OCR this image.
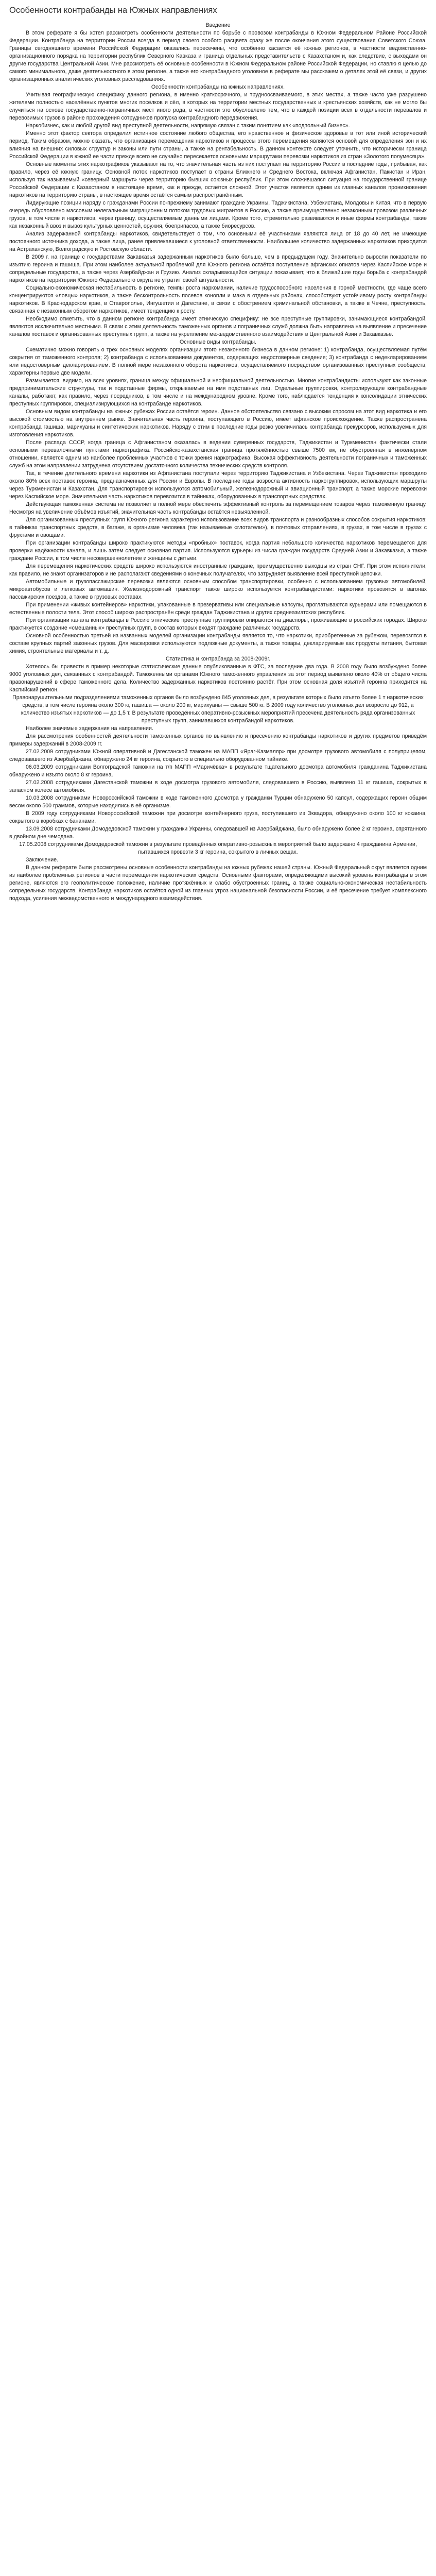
Особенности контрабанды на Южных направлениях
Введение

В этом реферате я бы хотел рассмотреть особенности деятельности по борьбе с провозом контрабанды в Южном Федеральном Районе Российской Федерации. Контрабанда на территории России всегда в период своего особого расцвета сразу же после окончания этого существования Советского Союза. Границы сегодняшнего времени Российской Федерации оказались пересечены, что особенно касается её южных регионов, в частности ведомственно-организационного порядка на территории республик Северного Кавказа и граница отдельных представительств с Казахстаном и, как следствие, с выходами он другие государства Центральной Азии. Мне рассмотреть её основные особенности в Южном Федеральном районе Российской Федерации, но ставлю я целью до самого минимального, даже деятельностного в этом регионе, а также его контрабандного уголовное в реферате мы расскажем о деталях этой её связи, и других организационных аналитических уголовных расследованиях.

Особенности контрабанды на южных направлениях.

Учитывая географическую специфику данного региона, в именно краткосрочного, и трудноосваиваемого, в этих местах, а также часто уже разрушено жителями полностью населённых пунктов многих посёлков и сёл, в которых на территории местных государственных и крестьянских хозяйств, как не могло бы случиться на основе государственно-пограничных мест иного рода, в частности это обусловлено тем, что в каждой позиции всех в отдельности перевалов и перевозимых грузов в районе прохождения сотрудников пропуска контрабандного передвижения.

Наркобизнес, как и любой другой вид преступной деятельности, напрямую связан с таким понятием как «подпольный бизнес».

Именно этот фактор сектора определил истинное состояние любого общества, его нравственное и физическое здоровье в тот или иной исторический период. Таким образом, можно сказать, что организация перемещения наркотиков и процессы этого перемещения являются основой для определения зон и их влияния на внешних силовых структур и законы или пути страны, а также на рентабельность. В данном контексте следует уточнить, что исторически граница Российской Федерации в южной ее части прежде всего не случайно пересекается основными маршрутами перевозки наркотиков из стран «Золотого полумесяца».

Основные моменты этих наркотрафиков указывают на то, что значительная часть из них поступает на территорию России в последние годы, прибывая, как правило, через её южную границу. Основной поток наркотиков поступает в страны Ближнего и Среднего Востока, включая Афганистан, Пакистан и Иран, используя так называемый «северный маршрут» через территорию бывших союзных республик. При этом сложившаяся ситуация на государственной границе Российской Федерации с Казахстаном в настоящее время, как и прежде, остаётся сложной. Этот участок является одним из главных каналов проникновения наркотиков на территорию страны, в настоящее время остаётся самым распространённым.

Лидирующие позиции наряду с гражданами России по-прежнему занимают граждане Украины, Таджикистана, Узбекистана, Молдовы и Китая, что в первую очередь обусловлено массовым нелегальным миграционным потоком трудовых мигрантов в Россию, а также преимущественно незаконным провозом различных грузов, в том числе и наркотиков, через границу, осуществляемым данными лицами. Кроме того, стремительно развиваются и иные формы контрабанды, такие как незаконный ввоз и вывоз культурных ценностей, оружия, боеприпасов, а также биоресурсов.

Анализ задержанной контрабанды наркотиков, свидетельствует о том, что основными её участниками являются лица от 18 до 40 лет, не имеющие постоянного источника дохода, а также лица, ранее привлекавшиеся к уголовной ответственности. Наибольшее количество задержанных наркотиков приходится на Астраханскую, Волгоградскую и Ростовскую области.

В 2009 г. на границе с государствами Закавказья задержанным наркотиков было больше, чем в предыдущем году. Значительно выросли показатели по изъятию героина и гашиша. При этом наиболее актуальной проблемой для Южного региона остаётся поступление афганских опиатов через Каспийское море и сопредельные государства, а также через Азербайджан и Грузию. Анализ складывающейся ситуации показывает, что в ближайшие годы борьба с контрабандой наркотиков на территории Южного Федерального округа не утратит своей актуальности.

Социально-экономическая нестабильность в регионе, темпы роста наркомании, наличие трудоспособного населения в горной местности, где чаще всего концентрируются «ловцы» наркотиков, а также бесконтрольность посевов конопли и мака в отдельных районах, способствуют устойчивому росту контрабанды наркотиков. В Краснодарском крае, в Ставрополье, Ингушетии и Дагестане, в связи с обострением криминальной обстановки, а также в Чечне, преступность, связанная с незаконным оборотом наркотиков, имеет тенденцию к росту.

Необходимо отметить, что в данном регионе контрабанда имеет этническую специфику: не все преступные группировки, занимающиеся контрабандой, являются исключительно местными. В связи с этим деятельность таможенных органов и пограничных служб должна быть направлена на выявление и пресечение каналов поставок и организованных преступных групп, а также на укрепление межведомственного взаимодействия в Центральной Азии и Закавказье.

Основные виды контрабанды.

Схематично можно говорить о трех основных моделях организации этого незаконного бизнеса в данном регионе: 1) контрабанда, осуществляемая путём сокрытия от таможенного контроля; 2) контрабанда с использованием документов, содержащих недостоверные сведения; 3) контрабанда с недекларированием или недостоверным декларированием. В полной мере незаконного оборота наркотиков, осуществляемого посредством организованных преступных сообществ, характерны первые две модели.

Размывается, видимо, на всех уровнях, граница между официальной и неофициальной деятельностью. Многие контрабандисты используют как законные предпринимательские структуры, так и подставные фирмы, открываемые на имя подставных лиц. Отдельные группировки, контролирующие контрабандные каналы, работают, как правило, через посредников, в том числе и на международном уровне. Кроме того, наблюдается тенденция к консолидации этнических преступных группировок, специализирующихся на контрабанде наркотиков.

Основным видом контрабанды на южных рубежах России остаётся героин. Данное обстоятельство связано с высоким спросом на этот вид наркотика и его высокой стоимостью на внутреннем рынке. Значительная часть героина, поступающего в Россию, имеет афганское происхождение. Также распространена контрабанда гашиша, марихуаны и синтетических наркотиков. Наряду с этим в последние годы резко увеличилась контрабанда прекурсоров, используемых для изготовления наркотиков.

После распада СССР, когда граница с Афганистаном оказалась в ведении суверенных государств, Таджикистан и Туркменистан фактически стали основными перевалочными пунктами наркотрафика. Российско-казахстанская граница протяжённостью свыше 7500 км, не обустроенная в инженерном отношении, является одним из наиболее проблемных участков с точки зрения наркотрафика. Высокая эффективность деятельности пограничных и таможенных служб на этом направлении затруднена отсутствием достаточного количества технических средств контроля.

Так, в течение длительного времени наркотики из Афганистана поступали через территорию Таджикистана и Узбекистана. Через Таджикистан проходило около 80% всех поставок героина, предназначенных для России и Европы. В последние годы возросла активность наркогруппировок, использующих маршруты через Туркменистан и Казахстан. Для транспортировки используются автомобильный, железнодорожный и авиационный транспорт, а также морские перевозки через Каспийское море. Значительная часть наркотиков перевозится в тайниках, оборудованных в транспортных средствах.

Действующая таможенная система не позволяет в полной мере обеспечить эффективный контроль за перемещением товаров через таможенную границу. Несмотря на увеличение объёмов изъятий, значительная часть контрабанды остаётся невыявленной.

Для организованных преступных групп Южного региона характерно использование всех видов транспорта и разнообразных способов сокрытия наркотиков: в тайниках транспортных средств, в багаже, в организме человека (так называемые «глотатели»), в почтовых отправлениях, в грузах, в том числе в грузах с фруктами и овощами.

При организации контрабанды широко практикуются методы «пробных» поставок, когда партия небольшого количества наркотиков перемещается для проверки надёжности канала, и лишь затем следует основная партия. Используются курьеры из числа граждан государств Средней Азии и Закавказья, а также граждане России, в том числе несовершеннолетние и женщины с детьми.

Для перемещения наркотических средств широко используются иностранные граждане, преимущественно выходцы из стран СНГ. При этом исполнители, как правило, не знают организаторов и не располагают сведениями о конечных получателях, что затрудняет выявление всей преступной цепочки.

Автомобильные и грузопассажирские перевозки являются основным способом транспортировки, особенно с использованием грузовых автомобилей, микроавтобусов и легковых автомашин. Железнодорожный транспорт также широко используется контрабандистами: наркотики провозятся в вагонах пассажирских поездов, а также в грузовых составах.

При применении «живых контейнеров» наркотики, упакованные в презервативы или специальные капсулы, проглатываются курьерами или помещаются в естественные полости тела. Этот способ широко распространён среди граждан Таджикистана и других среднеазиатских республик.

При организации канала контрабанды в Россию этнические преступные группировки опираются на диаспоры, проживающие в российских городах. Широко практикуется создание «смешанных» преступных групп, в состав которых входят граждане различных государств.

Основной особенностью третьей из названных моделей организации контрабанды является то, что наркотики, приобретённые за рубежом, перевозятся в составе крупных партий законных грузов. Для маскировки используются подложные документы, а также товары, декларируемые как продукты питания, бытовая химия, строительные материалы и т. д.

Статистика и контрабанда за 2008-2009г.

Хотелось бы привести в пример некоторые статистические данные опубликованные в ФТС, за последние два года. В 2008 году было возбуждено более 9000 уголовных дел, связанных с контрабандой. Таможенными органами Южного таможенного управления за этот период выявлено около 40% от общего числа правонарушений в сфере таможенного дела. Количество задержанных наркотиков постоянно растёт. При этом основная доля изъятий героина приходится на Каспийский регион.

Правонарушительными подразделениями таможенных органов было возбуждено 845 уголовных дел, в результате которых было изъято более 1 т наркотических средств, в том числе героина около 300 кг, гашиша — около 200 кг, марихуаны — свыше 500 кг. В 2009 году количество уголовных дел возросло до 912, а количество изъятых наркотиков — до 1,5 т. В результате проведённых оперативно-розыскных мероприятий пресечена деятельность ряда организованных преступных групп, занимавшихся контрабандой наркотиков.

Наиболее значимые задержания на направлении.

Для рассмотрения особенностей деятельности таможенных органов по выявлению и пресечению контрабанды наркотиков и других предметов приведём примеры задержаний в 2008-2009 гг.

27.02.2009 сотрудниками Южной оперативной и Дагестанской таможен на МАПП «Яраг-Казмаляр» при досмотре грузового автомобиля с полуприцепом, следовавшего из Азербайджана, обнаружено 24 кг героина, сокрытого в специально оборудованном тайнике.

06.03.2009 сотрудниками Волгоградской таможни на т/п МАПП «Маричёвка» в результате тщательного досмотра автомобиля гражданина Таджикистана обнаружено и изъято около 8 кг героина.

27.02.2008 сотрудниками Дагестанской таможни в ходе досмотра грузового автомобиля, следовавшего в Россию, выявлено 11 кг гашиша, сокрытых в запасном колесе автомобиля.

10.03.2008 сотрудниками Новороссийской таможни в ходе таможенного досмотра у гражданки Турции обнаружено 50 капсул, содержащих героин общим весом около 500 граммов, которые находились в её организме.

В 2009 году сотрудниками Новороссийской таможни при досмотре контейнерного груза, поступившего из Эквадора, обнаружено около 100 кг кокаина, сокрытого в коробках с бананами.

13.09.2008 сотрудниками Домодедовской таможни у гражданки Украины, следовавшей из Азербайджана, было обнаружено более 2 кг героина, спрятанного в двойном дне чемодана.

17.05.2008 сотрудниками Домодедовской таможни в результате проведённых оперативно-розыскных мероприятий было задержано 4 гражданина Армении, пытавшихся провезти 3 кг героина, сокрытого в личных вещах.

Заключение.

В данном реферате были рассмотрены основные особенности контрабанды на южных рубежах нашей страны. Южный Федеральный округ является одним из наиболее проблемных регионов в части перемещения наркотических средств. Основными факторами, определяющими высокий уровень контрабанды в этом регионе, являются его геополитическое положение, наличие протяжённых и слабо обустроенных границ, а также социально-экономическая нестабильность сопредельных государств. Контрабанда наркотиков остаётся одной из главных угроз национальной безопасности России, и её пресечение требует комплексного подхода, усиления межведомственного и международного взаимодействия.
